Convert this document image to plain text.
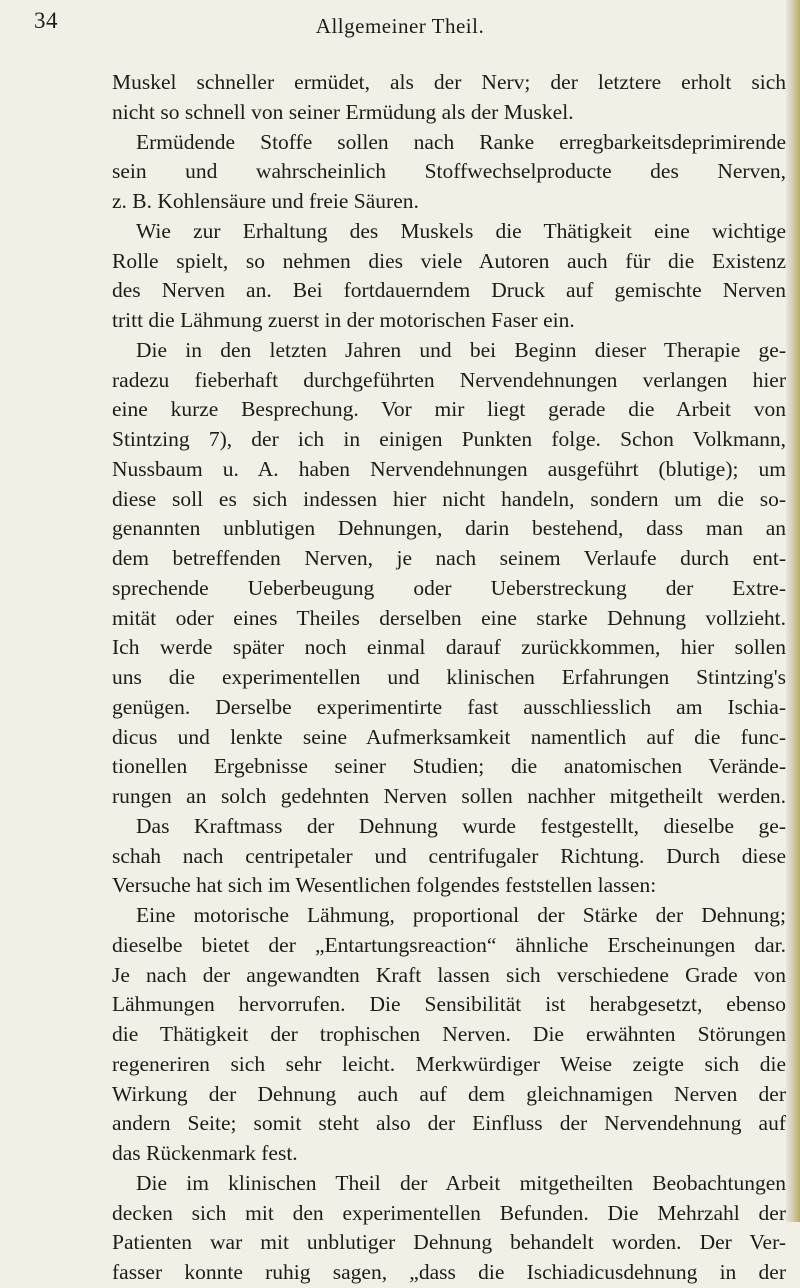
34	Allgemeiner Theil.
Muskel schneller ermüdet, als der Nerv; der letztere erholt sich
nicht so schnell von seiner Ermüdung als der Muskel.
Ermüdende Stoffe sollen nach Ranke erregbarkeitsdeprimirende
sein und wahrscheinlich Stoffwechselproducte des Nerven,
z. B. Kohlensäure und freie Säuren.
Wie zur Erhaltung des Muskels die Thätigkeit eine wichtige
Rolle spielt, so nehmen dies viele Autoren auch für die Existenz
des Nerven an. Bei fortdauerndem Druck auf gemischte Nerven
tritt die Lähmung zuerst in der motorischen Faser ein.
Die in den letzten Jahren und bei Beginn dieser Therapie ge-
radezu fieberhaft durchgeführten Nervendehnungen verlangen hier
eine kurze Besprechung. Vor mir liegt gerade die Arbeit von
Stintzing 7), der ich in einigen Punkten folge. Schon Volkmann,
Nussbaum u. A. haben Nervendehnungen ausgeführt (blutige); um
diese soll es sich indessen hier nicht handeln, sondern um die so-
genannten unblutigen Dehnungen, darin bestehend, dass man an
dem betreffenden Nerven, je nach seinem Verlaufe durch ent-
sprechende Ueberbeugung oder Ueberstreckung der Extre-
mität oder eines Theiles derselben eine starke Dehnung vollzieht.
Ich werde später noch einmal darauf zurückkommen, hier sollen
uns die experimentellen und klinischen Erfahrungen Stintzing's
genügen. Derselbe experimentirte fast ausschliesslich am Ischia-
dicus und lenkte seine Aufmerksamkeit namentlich auf die func-
tionellen Ergebnisse seiner Studien; die anatomischen Verände-
rungen an solch gedehnten Nerven sollen nachher mitgetheilt werden.
Das Kraftmass der Dehnung wurde festgestellt, dieselbe ge-
schah nach centripetaler und centrifugaler Richtung. Durch diese
Versuche hat sich im Wesentlichen folgendes feststellen lassen:
Eine motorische Lähmung, proportional der Stärke der Dehnung;
dieselbe bietet der „Entartungsreaction“ ähnliche Erscheinungen dar.
Je nach der angewandten Kraft lassen sich verschiedene Grade von
Lähmungen hervorrufen. Die Sensibilität ist herabgesetzt, ebenso
die Thätigkeit der trophischen Nerven. Die erwähnten Störungen
regeneriren sich sehr leicht. Merkwürdiger Weise zeigte sich die
Wirkung der Dehnung auch auf dem gleichnamigen Nerven der
andern Seite; somit steht also der Einfluss der Nervendehnung auf
das Rückenmark fest.
Die im klinischen Theil der Arbeit mitgetheilten Beobachtungen
decken sich mit den experimentellen Befunden. Die Mehrzahl der
Patienten war mit unblutiger Dehnung behandelt worden. Der Ver-
fasser konnte ruhig sagen, „dass die Ischiadicusdehnung in der
